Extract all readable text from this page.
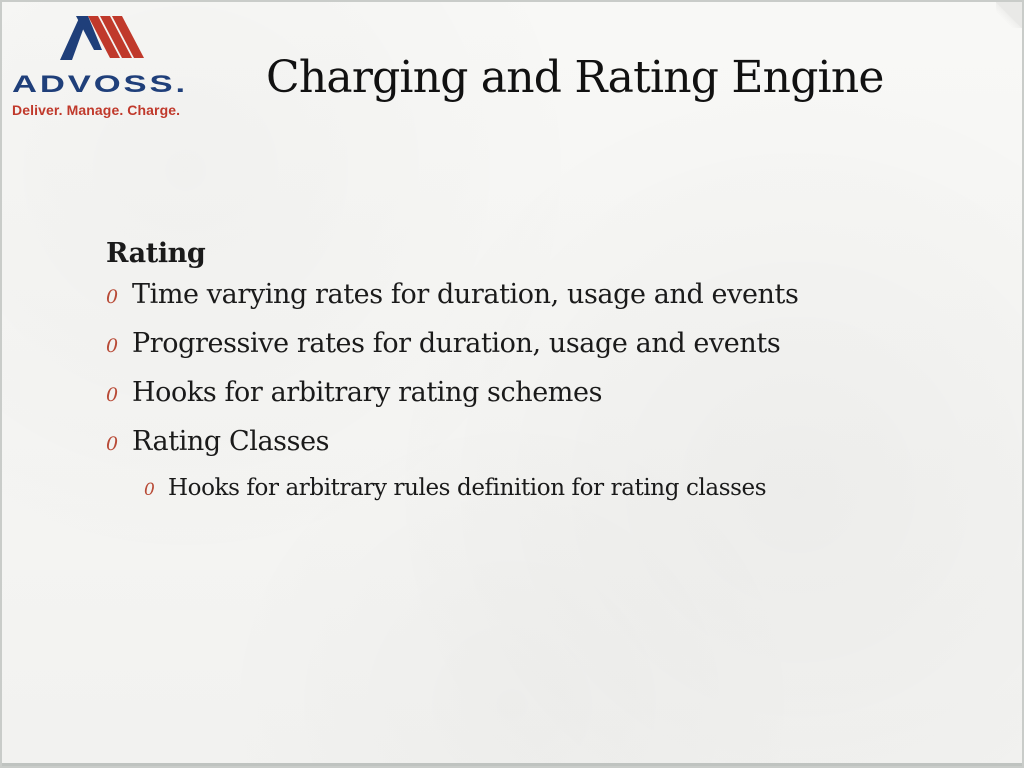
ADVOSS.
Deliver. Manage. Charge.
Charging and Rating Engine
Rating
0 Time varying rates for duration, usage and events
0 Progressive rates for duration, usage and events
0 Hooks for arbitrary rating schemes
0 Rating Classes
0 Hooks for arbitrary rules definition for rating classes
